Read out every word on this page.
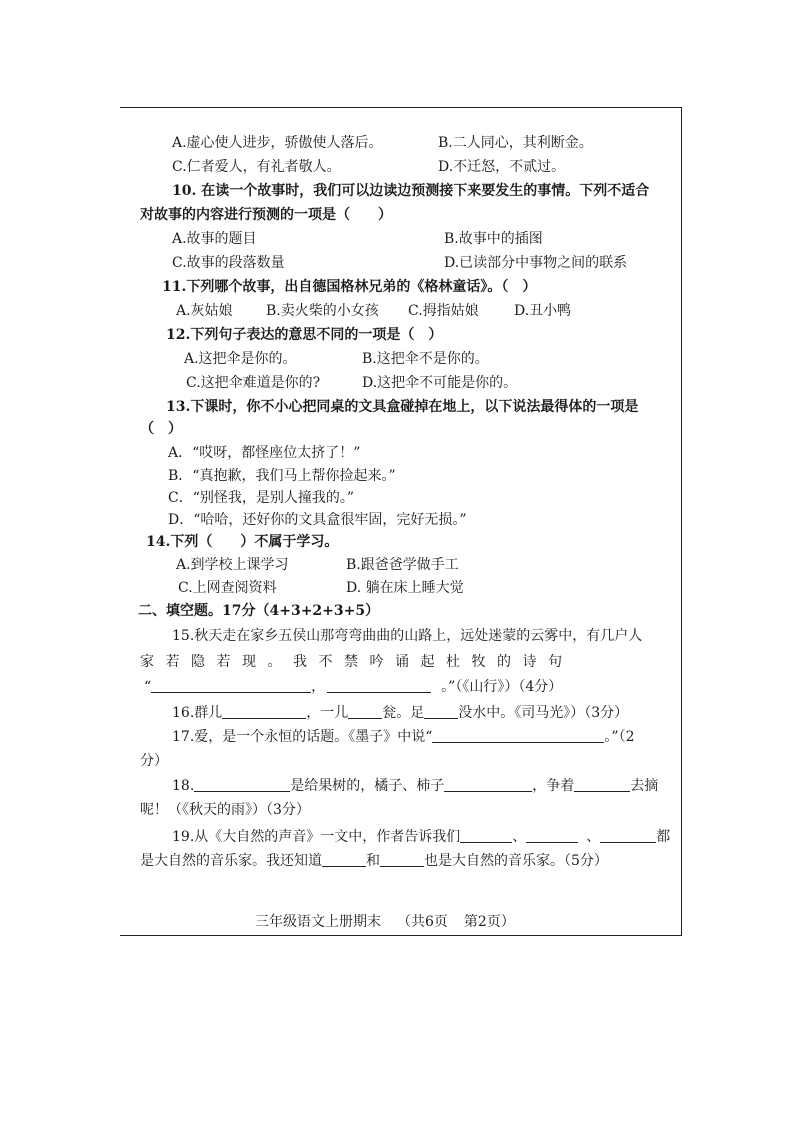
A.虚心使人进步，骄傲使人落后。	B.二人同心，其利断金。
C.仁者爱人，有礼者敬人。	D.不迁怒，不贰过。
10. 在读一个故事时，我们可以边读边预测接下来要发生的事情。下列不适合
对故事的内容进行预测的一项是（　　）
A.故事的题目	B.故事中的插图
C.故事的段落数量	D.已读部分中事物之间的联系
11.下列哪个故事，出自德国格林兄弟的《格林童话》。（　）
A.灰姑娘 B.卖火柴的小女孩 C.拇指姑娘	D.丑小鸭
12.下列句子表达的意思不同的一项是（　）
A.这把伞是你的。	B.这把伞不是你的。
C.这把伞难道是你的?	D.这把伞不可能是你的。
13.下课时，你不小心把同桌的文具盒碰掉在地上，以下说法最得体的一项是
（　）
A．“哎呀，都怪座位太挤了！”
B．“真抱歉，我们马上帮你捡起来。”
C．“别怪我，是别人撞我的。”
D．“哈哈，还好你的文具盒很牢固，完好无损。”
14.下列（　　）不属于学习。
A.到学校上课学习	B.跟爸爸学做手工
C.上网查阅资料	D. 躺在床上睡大觉
二、填空题。17分（4+3+2+3+5）
15.秋天走在家乡五侯山那弯弯曲曲的山路上，远处迷蒙的云雾中，有几户人
家若隐若现。我不禁吟诵起杜牧的诗句
“	，	。”（《山行》）（4分）
16.群儿	，一儿 瓮。足 没水中。《司马光》）（3分）
17.爱，是一个永恒的话题。《墨子》中说“	。”（2
分）
18.	是给果树的，橘子、柿子	，争着	去摘
呢！（《秋天的雨》）（3分）
19.从《大自然的声音》一文中，作者告诉我们	、	、	都
是大自然的音乐家。我还知道	和	也是大自然的音乐家。（5分）
三年级语文上册期末 （共6页 第2页）
